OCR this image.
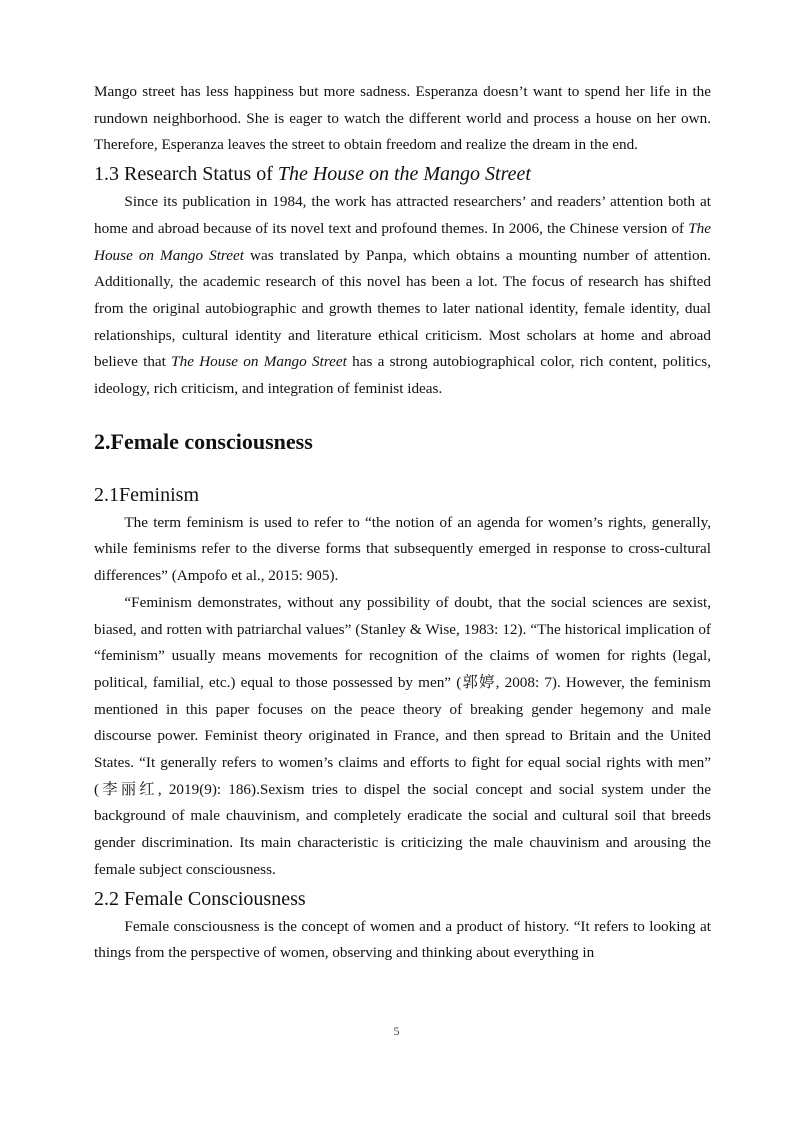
Mango street has less happiness but more sadness. Esperanza doesn’t want to spend her life in the rundown neighborhood. She is eager to watch the different world and process a house on her own. Therefore, Esperanza leaves the street to obtain freedom and realize the dream in the end.

1.3 Research Status of The House on the Mango Street

Since its publication in 1984, the work has attracted researchers’ and readers’ attention both at home and abroad because of its novel text and profound themes. In 2006, the Chinese version of The House on Mango Street was translated by Panpa, which obtains a mounting number of attention. Additionally, the academic research of this novel has been a lot. The focus of research has shifted from the original autobiographic and growth themes to later national identity, female identity, dual relationships, cultural identity and literature ethical criticism. Most scholars at home and abroad believe that The House on Mango Street has a strong autobiographical color, rich content, politics, ideology, rich criticism, and integration of feminist ideas.

2.Female consciousness
2.1Feminism

The term feminism is used to refer to “the notion of an agenda for women’s rights, generally, while feminisms refer to the diverse forms that subsequently emerged in response to cross-cultural differences” (Ampofo et al., 2015: 905).

“Feminism demonstrates, without any possibility of doubt, that the social sciences are sexist, biased, and rotten with patriarchal values” (Stanley & Wise, 1983: 12). “The historical implication of “feminism” usually means movements for recognition of the claims of women for rights (legal, political, familial, etc.) equal to those possessed by men” (郭婷, 2008: 7). However, the feminism mentioned in this paper focuses on the peace theory of breaking gender hegemony and male discourse power. Feminist theory originated in France, and then spread to Britain and the United States. “It generally refers to women’s claims and efforts to fight for equal social rights with men” (李丽红, 2019(9): 186).Sexism tries to dispel the social concept and social system under the background of male chauvinism, and completely eradicate the social and cultural soil that breeds gender discrimination. Its main characteristic is criticizing the male chauvinism and arousing the female subject consciousness.

2.2 Female Consciousness

Female consciousness is the concept of women and a product of history. “It refers to looking at things from the perspective of women, observing and thinking about everything in

5
